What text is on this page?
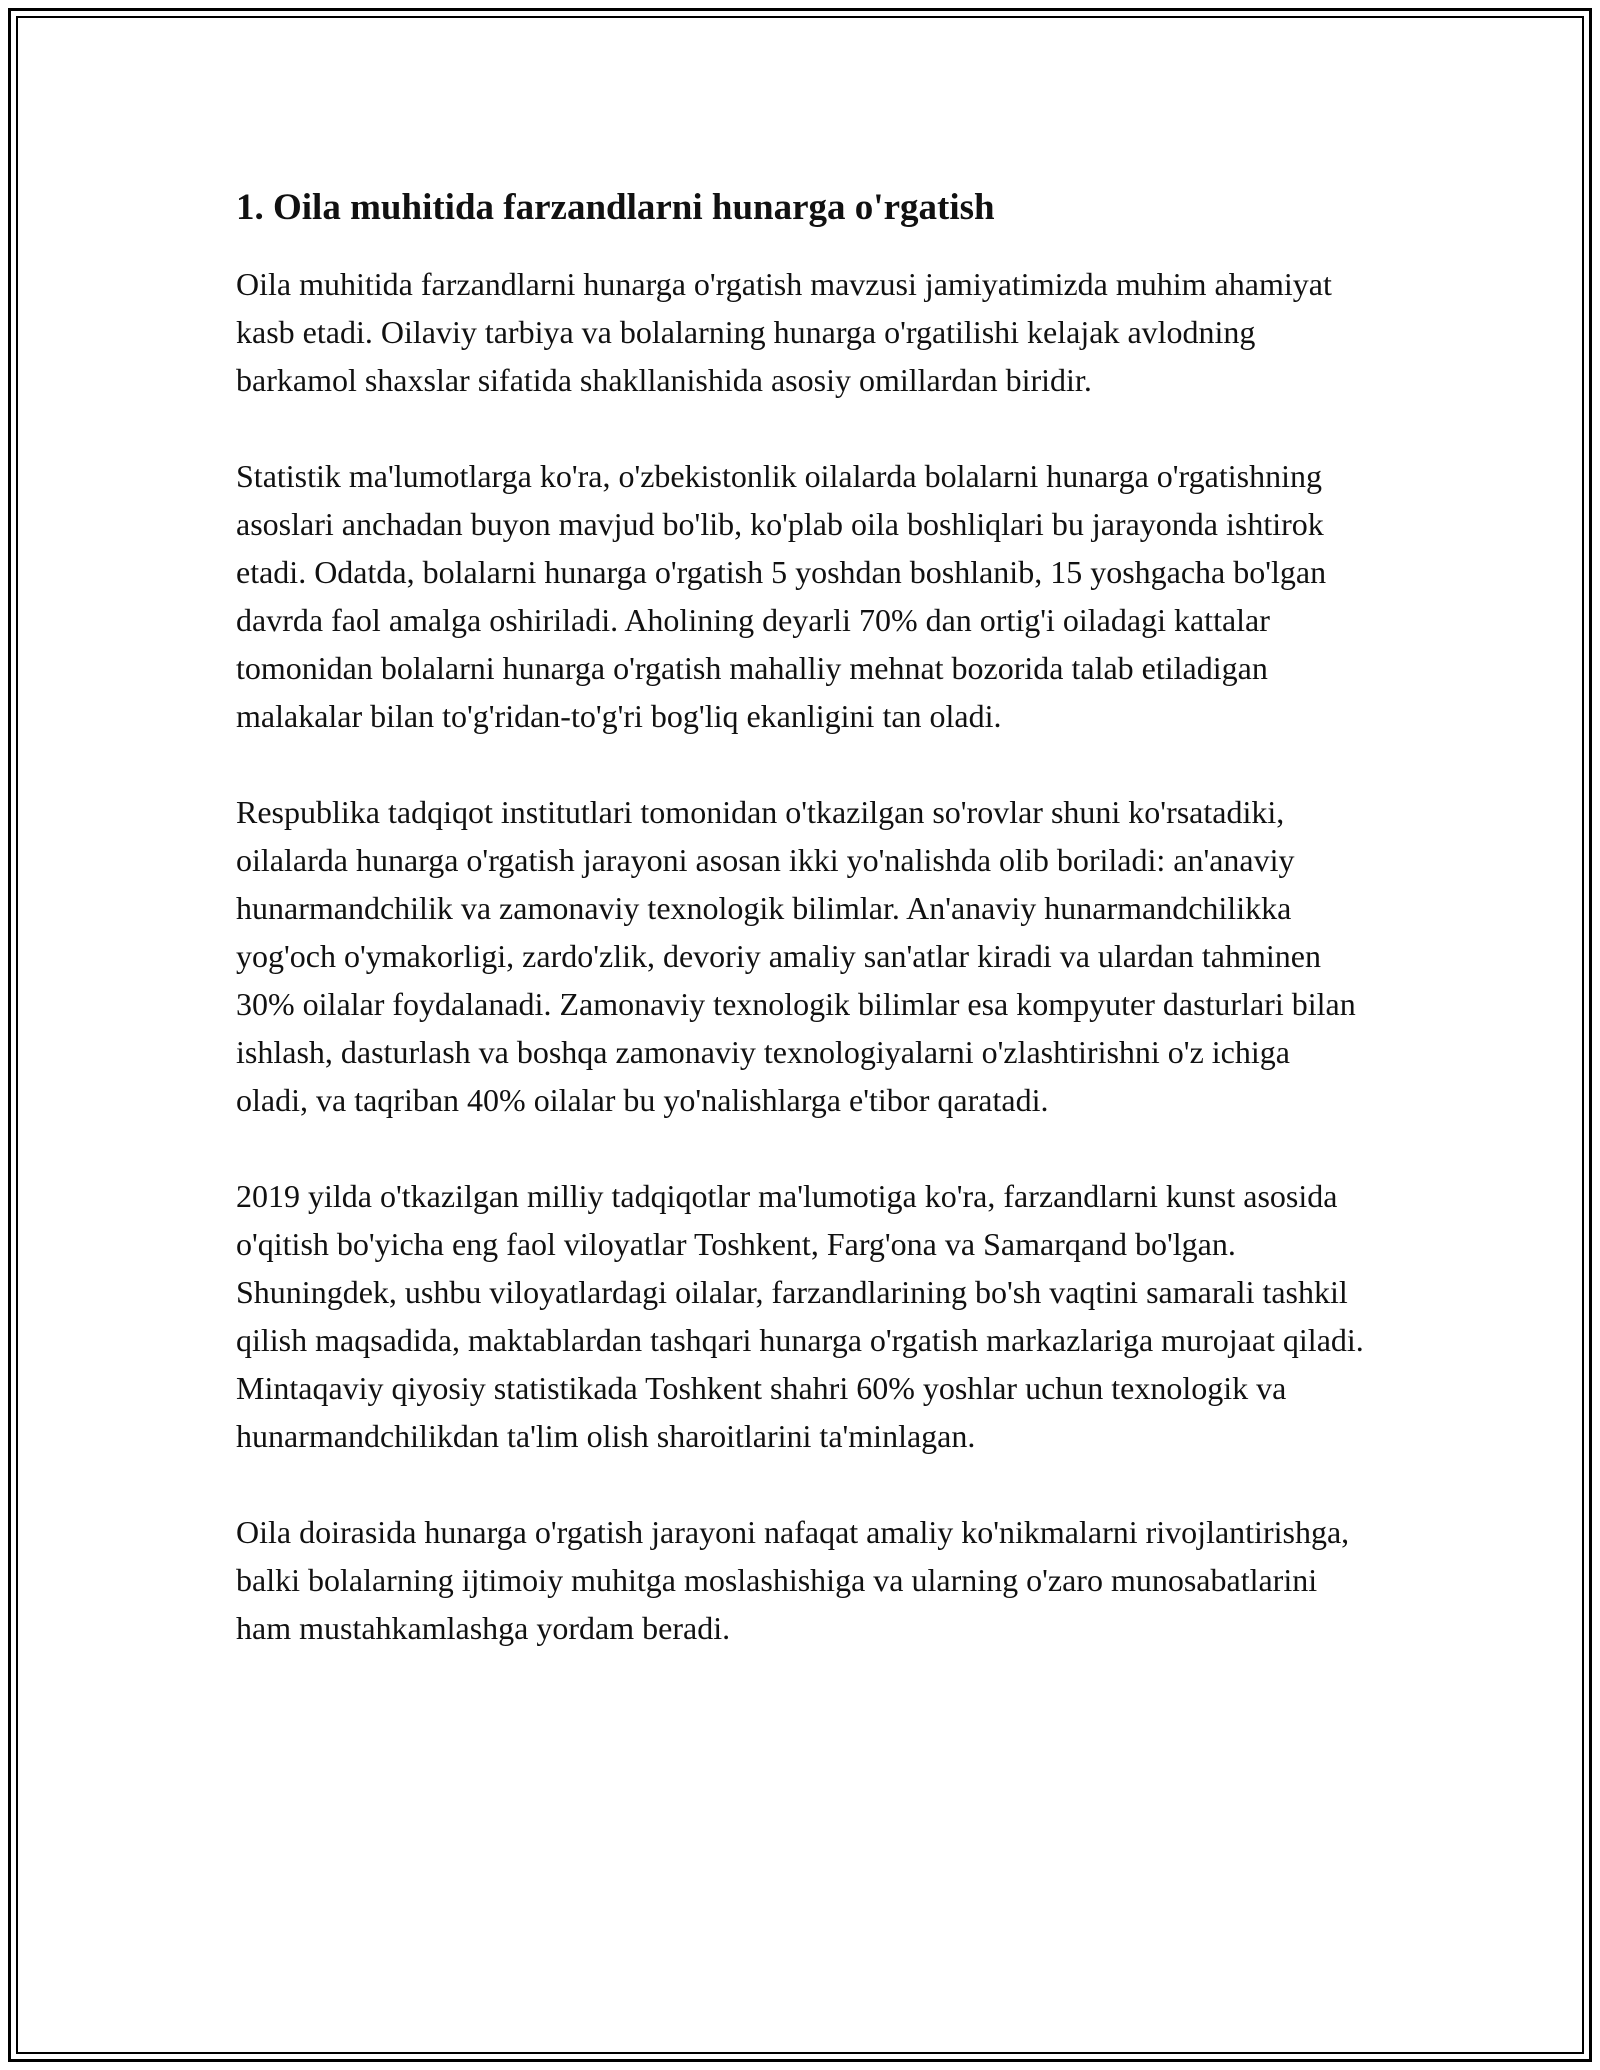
1. Oila muhitida farzandlarni hunarga o'rgatish

Oila muhitida farzandlarni hunarga o'rgatish mavzusi jamiyatimizda muhim ahamiyat kasb etadi. Oilaviy tarbiya va bolalarning hunarga o'rgatilishi kelajak avlodning barkamol shaxslar sifatida shakllanishida asosiy omillardan biridir.

Statistik ma'lumotlarga ko'ra, o'zbekistonlik oilalarda bolalarni hunarga o'rgatishning asoslari anchadan buyon mavjud bo'lib, ko'plab oila boshliqlari bu jarayonda ishtirok etadi. Odatda, bolalarni hunarga o'rgatish 5 yoshdan boshlanib, 15 yoshgacha bo'lgan davrda faol amalga oshiriladi. Aholining deyarli 70% dan ortig'i oiladagi kattalar tomonidan bolalarni hunarga o'rgatish mahalliy mehnat bozorida talab etiladigan malakalar bilan to'g'ridan-to'g'ri bog'liq ekanligini tan oladi.

Respublika tadqiqot institutlari tomonidan o'tkazilgan so'rovlar shuni ko'rsatadiki, oilalarda hunarga o'rgatish jarayoni asosan ikki yo'nalishda olib boriladi: an'anaviy hunarmandchilik va zamonaviy texnologik bilimlar. An'anaviy hunarmandchilikka yog'och o'ymakorligi, zardo'zlik, devoriy amaliy san'atlar kiradi va ulardan tahminen 30% oilalar foydalanadi. Zamonaviy texnologik bilimlar esa kompyuter dasturlari bilan ishlash, dasturlash va boshqa zamonaviy texnologiyalarni o'zlashtirishni o'z ichiga oladi, va taqriban 40% oilalar bu yo'nalishlarga e'tibor qaratadi.

2019 yilda o'tkazilgan milliy tadqiqotlar ma'lumotiga ko'ra, farzandlarni kunst asosida o'qitish bo'yicha eng faol viloyatlar Toshkent, Farg'ona va Samarqand bo'lgan. Shuningdek, ushbu viloyatlardagi oilalar, farzandlarining bo'sh vaqtini samarali tashkil qilish maqsadida, maktablardan tashqari hunarga o'rgatish markazlariga murojaat qiladi. Mintaqaviy qiyosiy statistikada Toshkent shahri 60% yoshlar uchun texnologik va hunarmandchilikdan ta'lim olish sharoitlarini ta'minlagan.

Oila doirasida hunarga o'rgatish jarayoni nafaqat amaliy ko'nikmalarni rivojlantirishga, balki bolalarning ijtimoiy muhitga moslashishiga va ularning o'zaro munosabatlarini ham mustahkamlashga yordam beradi.
